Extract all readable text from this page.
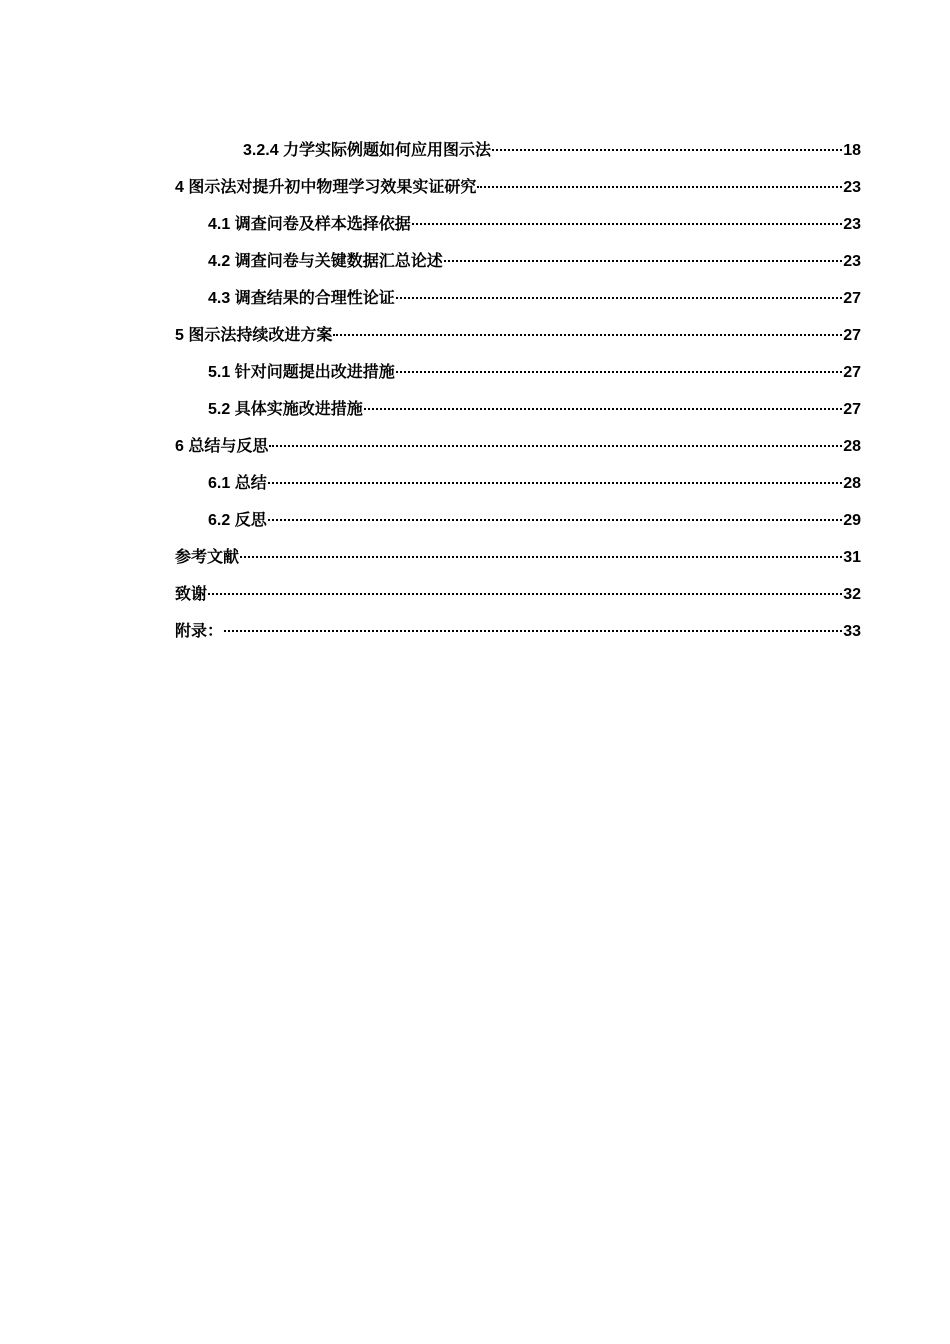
3.2.4 力学实际例题如何应用图示法	18
4 图示法对提升初中物理学习效果实证研究	23
4.1 调查问卷及样本选择依据	23
4.2 调查问卷与关键数据汇总论述	23
4.3 调查结果的合理性论证	27
5 图示法持续改进方案	27
5.1 针对问题提出改进措施	27
5.2 具体实施改进措施	27
6 总结与反思	28
6.1 总结	28
6.2 反思	29
参考文献	31
致谢	32
附录：	33
